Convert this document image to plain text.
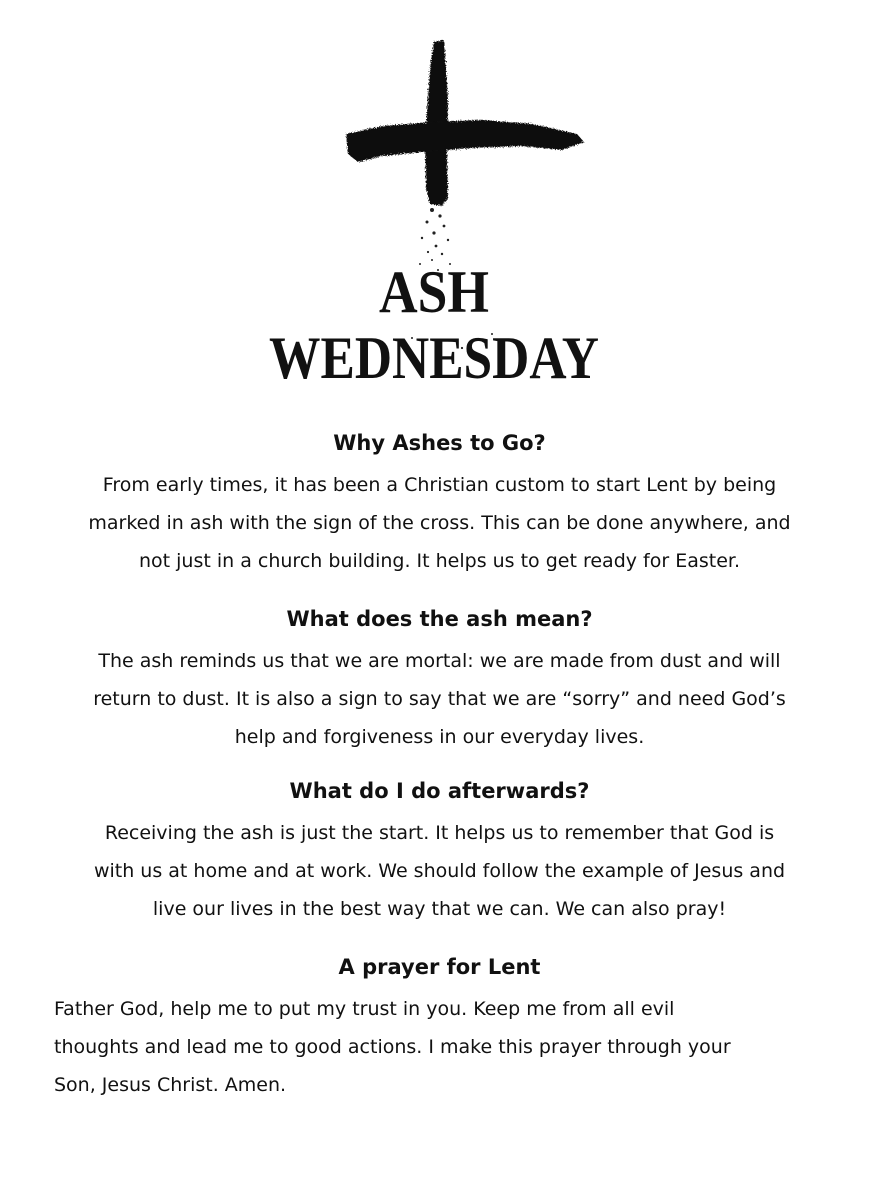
ASH
WEDNESDAY
Why Ashes to Go?
From early times, it has been a Christian custom to start Lent by being
marked in ash with the sign of the cross. This can be done anywhere, and
not just in a church building. It helps us to get ready for Easter.
What does the ash mean?
The ash reminds us that we are mortal: we are made from dust and will
return to dust. It is also a sign to say that we are “sorry” and need God’s
help and forgiveness in our everyday lives.
What do I do afterwards?
Receiving the ash is just the start. It helps us to remember that God is
with us at home and at work. We should follow the example of Jesus and
live our lives in the best way that we can. We can also pray!
A prayer for Lent
Father God, help me to put my trust in you. Keep me from all evil
thoughts and lead me to good actions. I make this prayer through your
Son, Jesus Christ. Amen.
